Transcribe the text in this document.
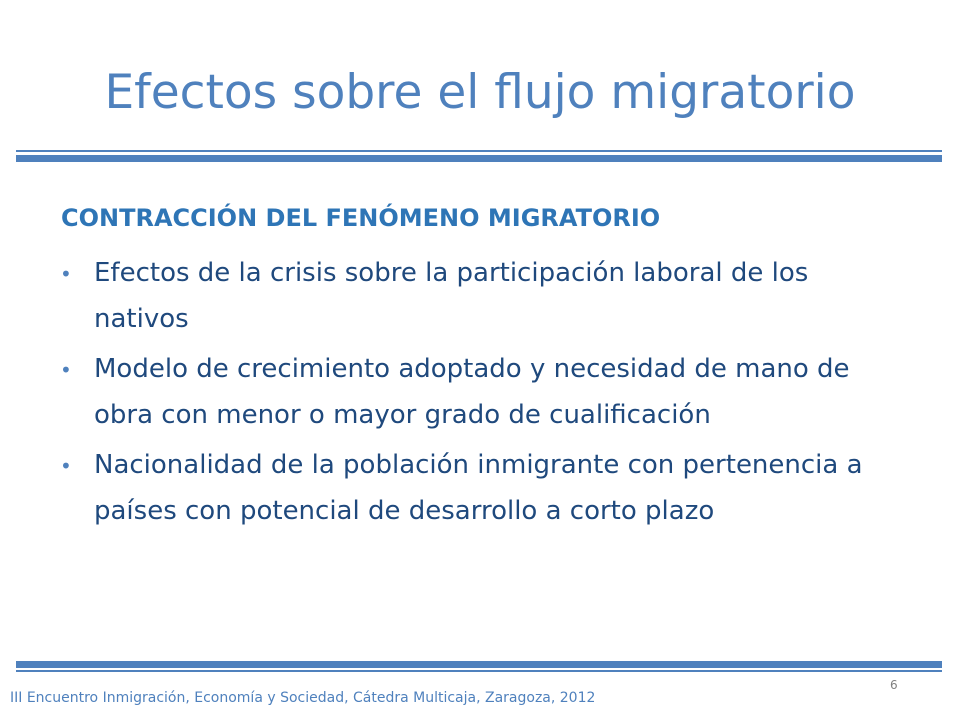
Efectos sobre el flujo migratorio
CONTRACCIÓN DEL FENÓMENO MIGRATORIO
• Efectos de la crisis sobre la participación laboral de los nativos
• Modelo de crecimiento adoptado y necesidad de mano de obra con menor o mayor grado de cualificación
• Nacionalidad de la población inmigrante con pertenencia a países con potencial de desarrollo a corto plazo
6
III Encuentro Inmigración, Economía y Sociedad, Cátedra Multicaja, Zaragoza, 2012
